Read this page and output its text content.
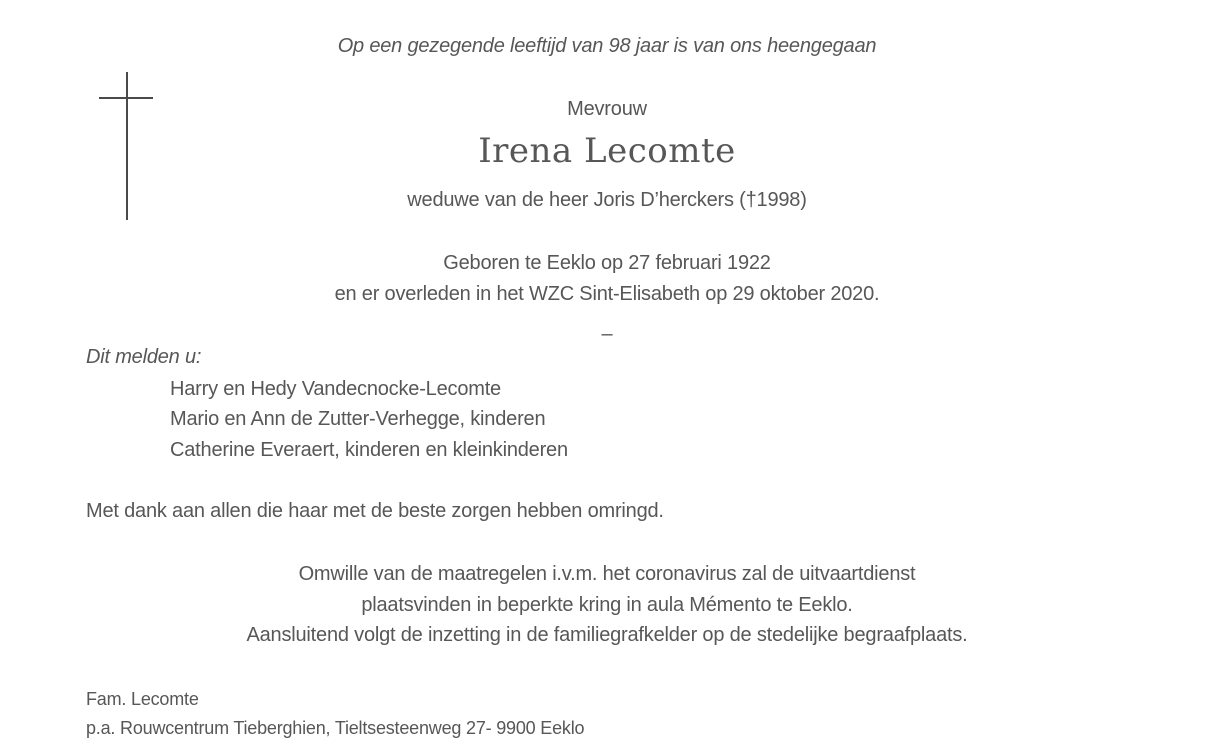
Op een gezegende leeftijd van 98 jaar is van ons heengegaan
Mevrouw
Irena Lecomte
weduwe van de heer Joris D’herckers (†1998)
Geboren te Eeklo op 27 februari 1922
en er overleden in het WZC Sint-Elisabeth op 29 oktober 2020.
–
Dit melden u:
Harry en Hedy Vandecnocke-Lecomte
Mario en Ann de Zutter-Verhegge, kinderen
Catherine Everaert, kinderen en kleinkinderen
Met dank aan allen die haar met de beste zorgen hebben omringd.
Omwille van de maatregelen i.v.m. het coronavirus zal de uitvaartdienst
plaatsvinden in beperkte kring in aula Mémento te Eeklo.
Aansluitend volgt de inzetting in de familiegrafkelder op de stedelijke begraafplaats.
Fam. Lecomte
p.a. Rouwcentrum Tieberghien, Tieltsesteenweg 27- 9900 Eeklo
